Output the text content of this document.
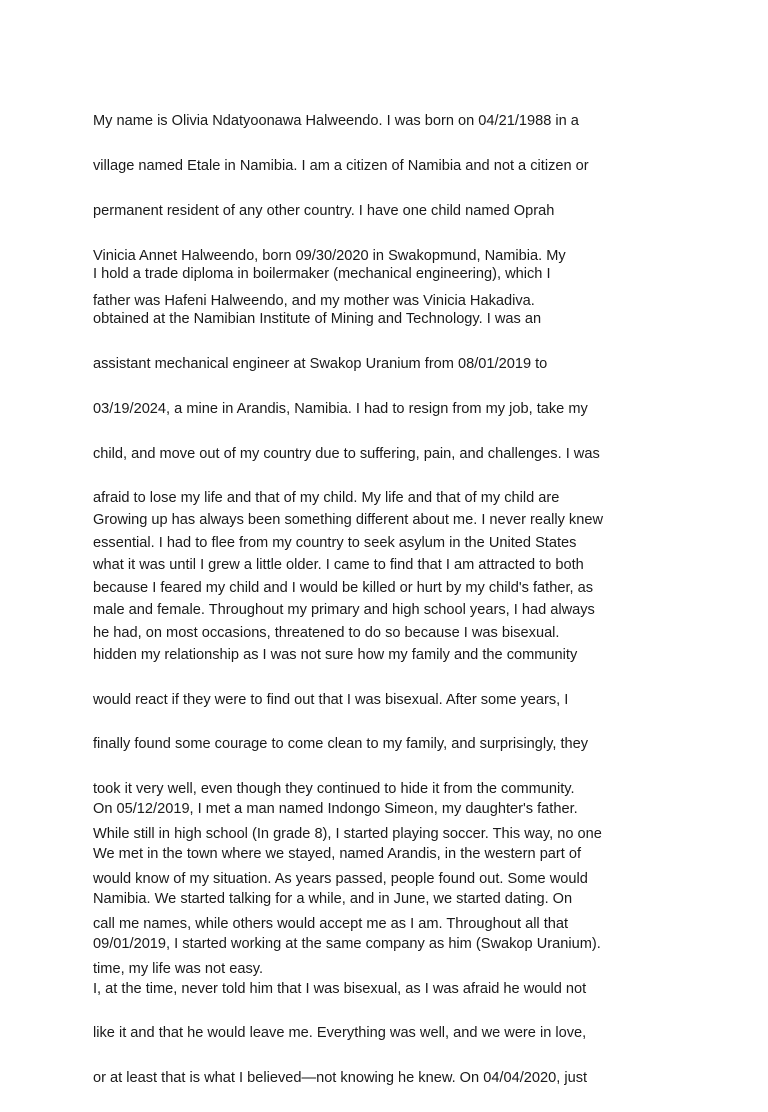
My name is Olivia Ndatyoonawa Halweendo. I was born on 04/21/1988 in a

village named Etale in Namibia. I am a citizen of Namibia and not a citizen or

permanent resident of any other country. I have one child named Oprah

Vinicia Annet Halweendo, born 09/30/2020 in Swakopmund, Namibia. My

father was Hafeni Halweendo, and my mother was Vinicia Hakadiva.

I hold a trade diploma in boilermaker (mechanical engineering), which I

obtained at the Namibian Institute of Mining and Technology. I was an

assistant mechanical engineer at Swakop Uranium from 08/01/2019 to

03/19/2024, a mine in Arandis, Namibia. I had to resign from my job, take my

child, and move out of my country due to suffering, pain, and challenges. I was

afraid to lose my life and that of my child. My life and that of my child are

essential. I had to flee from my country to seek asylum in the United States

because I feared my child and I would be killed or hurt by my child's father, as

he had, on most occasions, threatened to do so because I was bisexual.

Growing up has always been something different about me. I never really knew

what it was until I grew a little older. I came to find that I am attracted to both

male and female. Throughout my primary and high school years, I had always

hidden my relationship as I was not sure how my family and the community

would react if they were to find out that I was bisexual. After some years, I

finally found some courage to come clean to my family, and surprisingly, they

took it very well, even though they continued to hide it from the community.

While still in high school (In grade 8), I started playing soccer. This way, no one

would know of my situation. As years passed, people found out. Some would

call me names, while others would accept me as I am. Throughout all that

time, my life was not easy.

On 05/12/2019, I met a man named Indongo Simeon, my daughter's father.

We met in the town where we stayed, named Arandis, in the western part of

Namibia. We started talking for a while, and in June, we started dating. On

09/01/2019, I started working at the same company as him (Swakop Uranium).

I, at the time, never told him that I was bisexual, as I was afraid he would not

like it and that he would leave me. Everything was well, and we were in love,

or at least that is what I believed—not knowing he knew. On 04/04/2020, just
